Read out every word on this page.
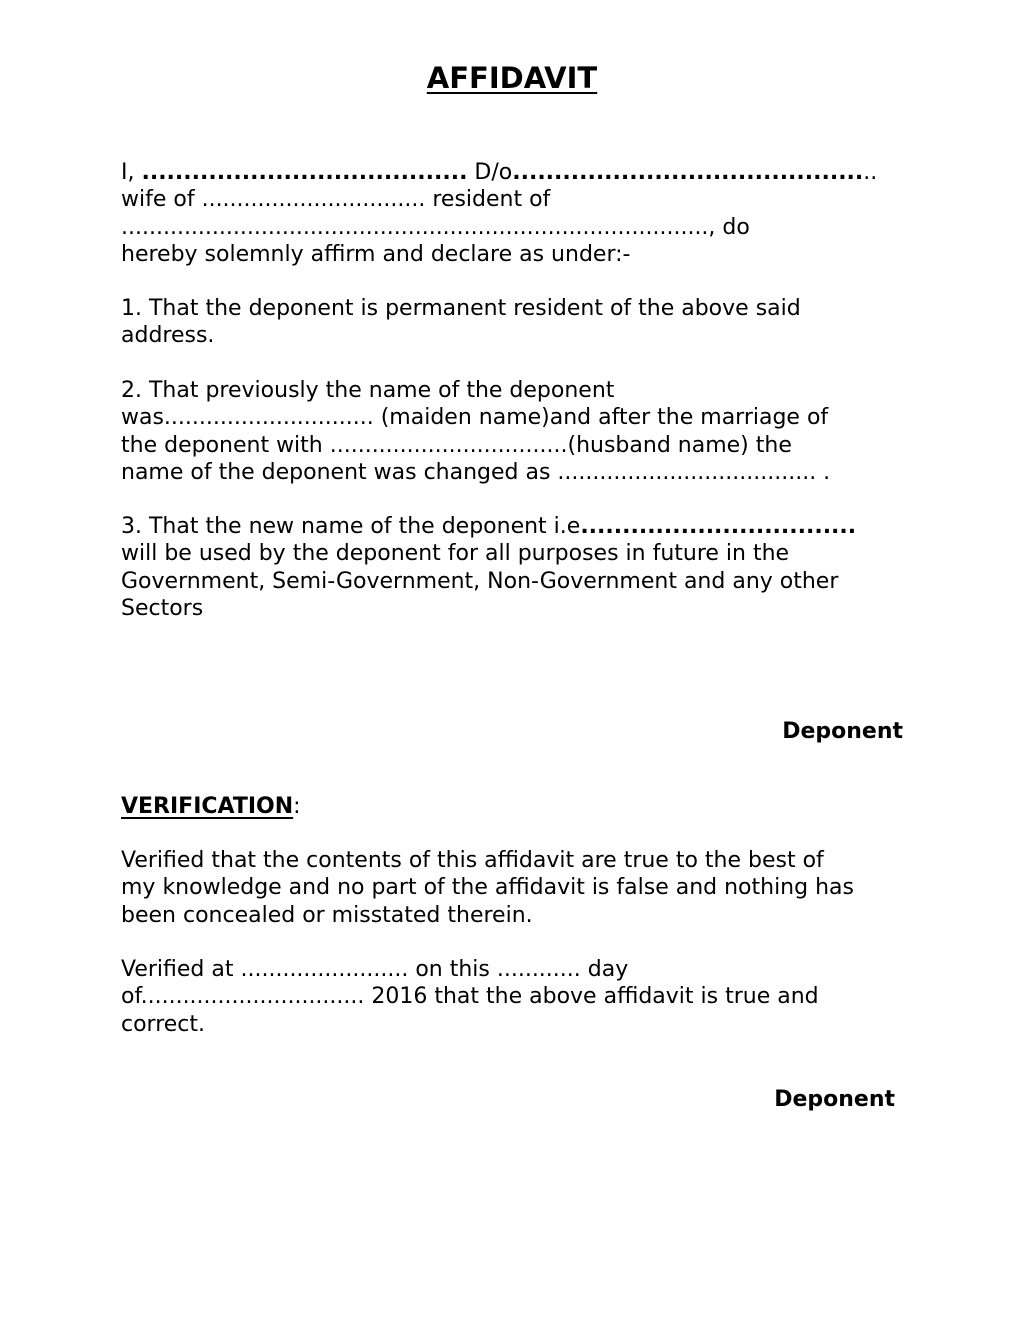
AFFIDAVIT
I, ....................................... D/o............................................
wife of ................................ resident of
...................................................................................., do
hereby solemnly affirm and declare as under:-
1. That the deponent is permanent resident of the above said
address.
2. That previously the name of the deponent
was.............................. (maiden name)and after the marriage of
the deponent with ..................................(husband name) the
name of the deponent was changed as ..................................... .
3. That the new name of the deponent i.e.................................
will be used by the deponent for all purposes in future in the
Government, Semi-Government, Non-Government and any other
Sectors
Deponent
VERIFICATION:
Verified that the contents of this affidavit are true to the best of
my knowledge and no part of the affidavit is false and nothing has
been concealed or misstated therein.
Verified at ........................ on this ............ day
of................................ 2016 that the above affidavit is true and
correct.
Deponent
